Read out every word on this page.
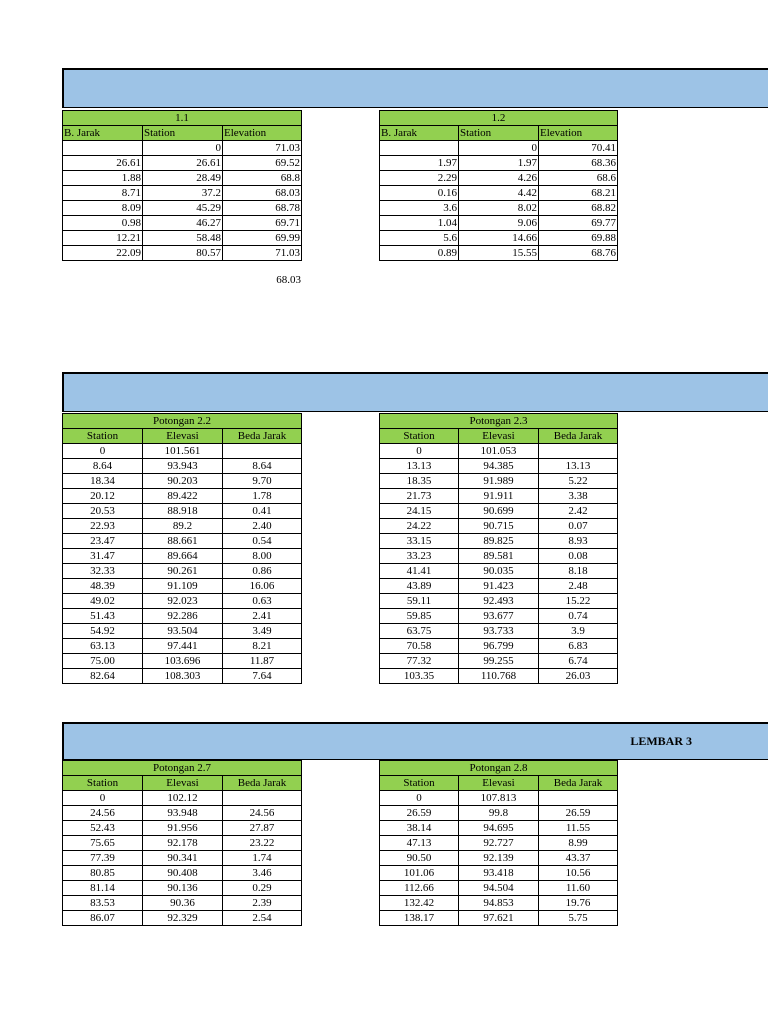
1.1		
B. Jarak	Station	Elevation
	0	71.03
26.61	26.61	69.52
1.88	28.49	68.8
8.71	37.2	68.03
8.09	45.29	68.78
0.98	46.27	69.71
12.21	58.48	69.99
22.09	80.57	71.03
68.03
1.2		
B. Jarak	Station	Elevation
	0	70.41
1.97	1.97	68.36
2.29	4.26	68.6
0.16	4.42	68.21
3.6	8.02	68.82
1.04	9.06	69.77
5.6	14.66	69.88
0.89	15.55	68.76
Potongan 2.2		
Station	Elevasi	Beda Jarak
0	101.561	
8.64	93.943	8.64
18.34	90.203	9.70
20.12	89.422	1.78
20.53	88.918	0.41
22.93	89.2	2.40
23.47	88.661	0.54
31.47	89.664	8.00
32.33	90.261	0.86
48.39	91.109	16.06
49.02	92.023	0.63
51.43	92.286	2.41
54.92	93.504	3.49
63.13	97.441	8.21
75.00	103.696	11.87
82.64	108.303	7.64
Potongan 2.3		
Station	Elevasi	Beda Jarak
0	101.053	
13.13	94.385	13.13
18.35	91.989	5.22
21.73	91.911	3.38
24.15	90.699	2.42
24.22	90.715	0.07
33.15	89.825	8.93
33.23	89.581	0.08
41.41	90.035	8.18
43.89	91.423	2.48
59.11	92.493	15.22
59.85	93.677	0.74
63.75	93.733	3.9
70.58	96.799	6.83
77.32	99.255	6.74
103.35	110.768	26.03
LEMBAR 3
Potongan 2.7		
Station	Elevasi	Beda Jarak
0	102.12	
24.56	93.948	24.56
52.43	91.956	27.87
75.65	92.178	23.22
77.39	90.341	1.74
80.85	90.408	3.46
81.14	90.136	0.29
83.53	90.36	2.39
86.07	92.329	2.54
Potongan 2.8		
Station	Elevasi	Beda Jarak
0	107.813	
26.59	99.8	26.59
38.14	94.695	11.55
47.13	92.727	8.99
90.50	92.139	43.37
101.06	93.418	10.56
112.66	94.504	11.60
132.42	94.853	19.76
138.17	97.621	5.75
